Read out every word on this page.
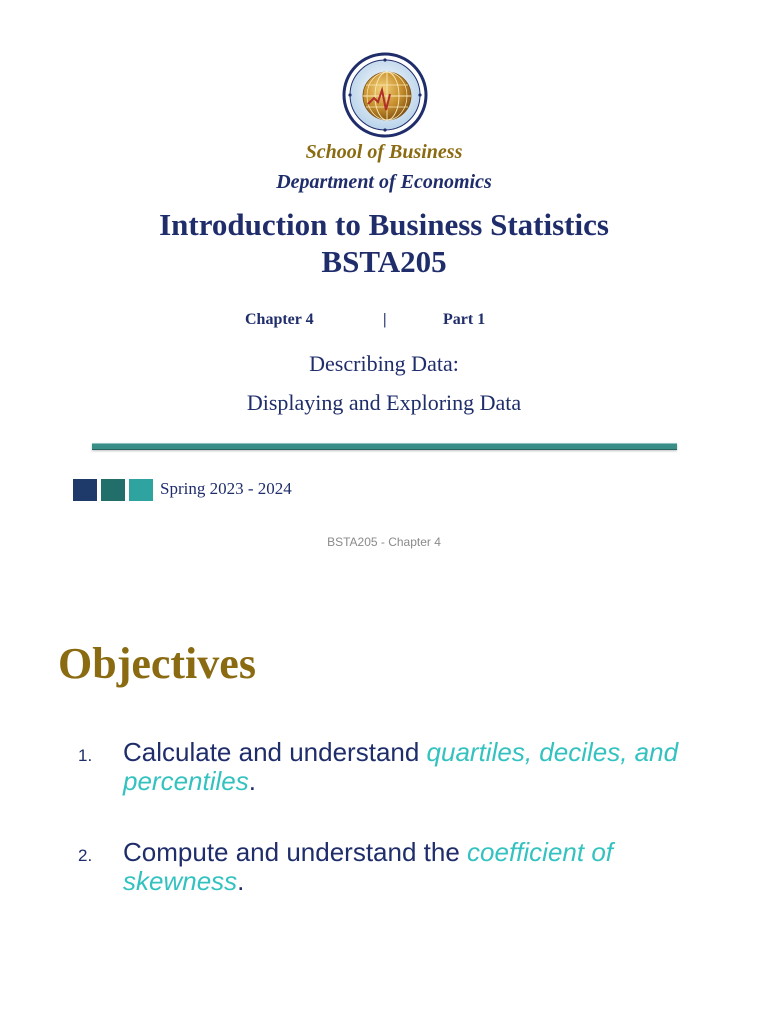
School of Business
Department of Economics
Introduction to Business Statistics
BSTA205
Chapter 4	|	Part 1
Describing Data:
Displaying and Exploring Data
Spring 2023 - 2024
BSTA205 - Chapter 4
Objectives
1. Calculate and understand quartiles, deciles, and percentiles.
2. Compute and understand the coefficient of skewness.
